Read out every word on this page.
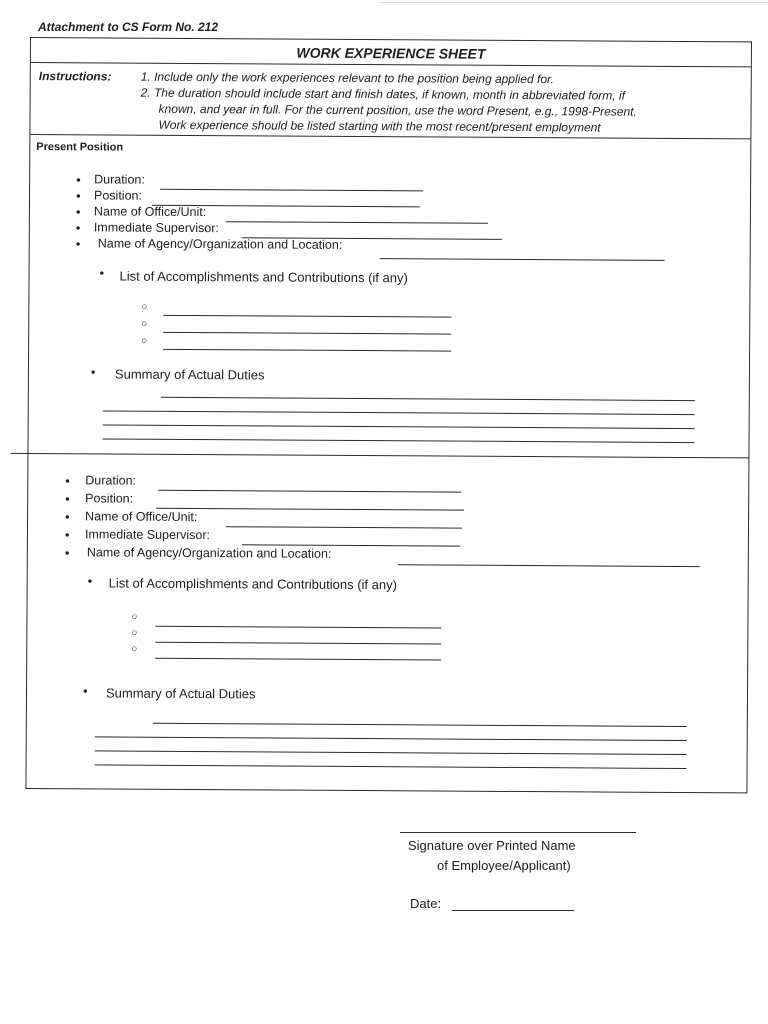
Attachment to CS Form No. 212
WORK EXPERIENCE SHEET
Instructions: 1. Include only the work experiences relevant to the position being applied for.
2. The duration should include start and finish dates, if known, month in abbreviated form, if
known, and year in full. For the current position, use the word Present, e.g., 1998-Present.
Work experience should be listed starting with the most recent/present employment
Present Position
• Duration:
• Position:
• Name of Office/Unit:
• Immediate Supervisor:
• Name of Agency/Organization and Location:
• List of Accomplishments and Contributions (if any)
○
○
○
• Summary of Actual Duties
• Duration:
• Position:
• Name of Office/Unit:
• Immediate Supervisor:
• Name of Agency/Organization and Location:
• List of Accomplishments and Contributions (if any)
○
○
○
• Summary of Actual Duties
Signature over Printed Name
of Employee/Applicant)
Date:
